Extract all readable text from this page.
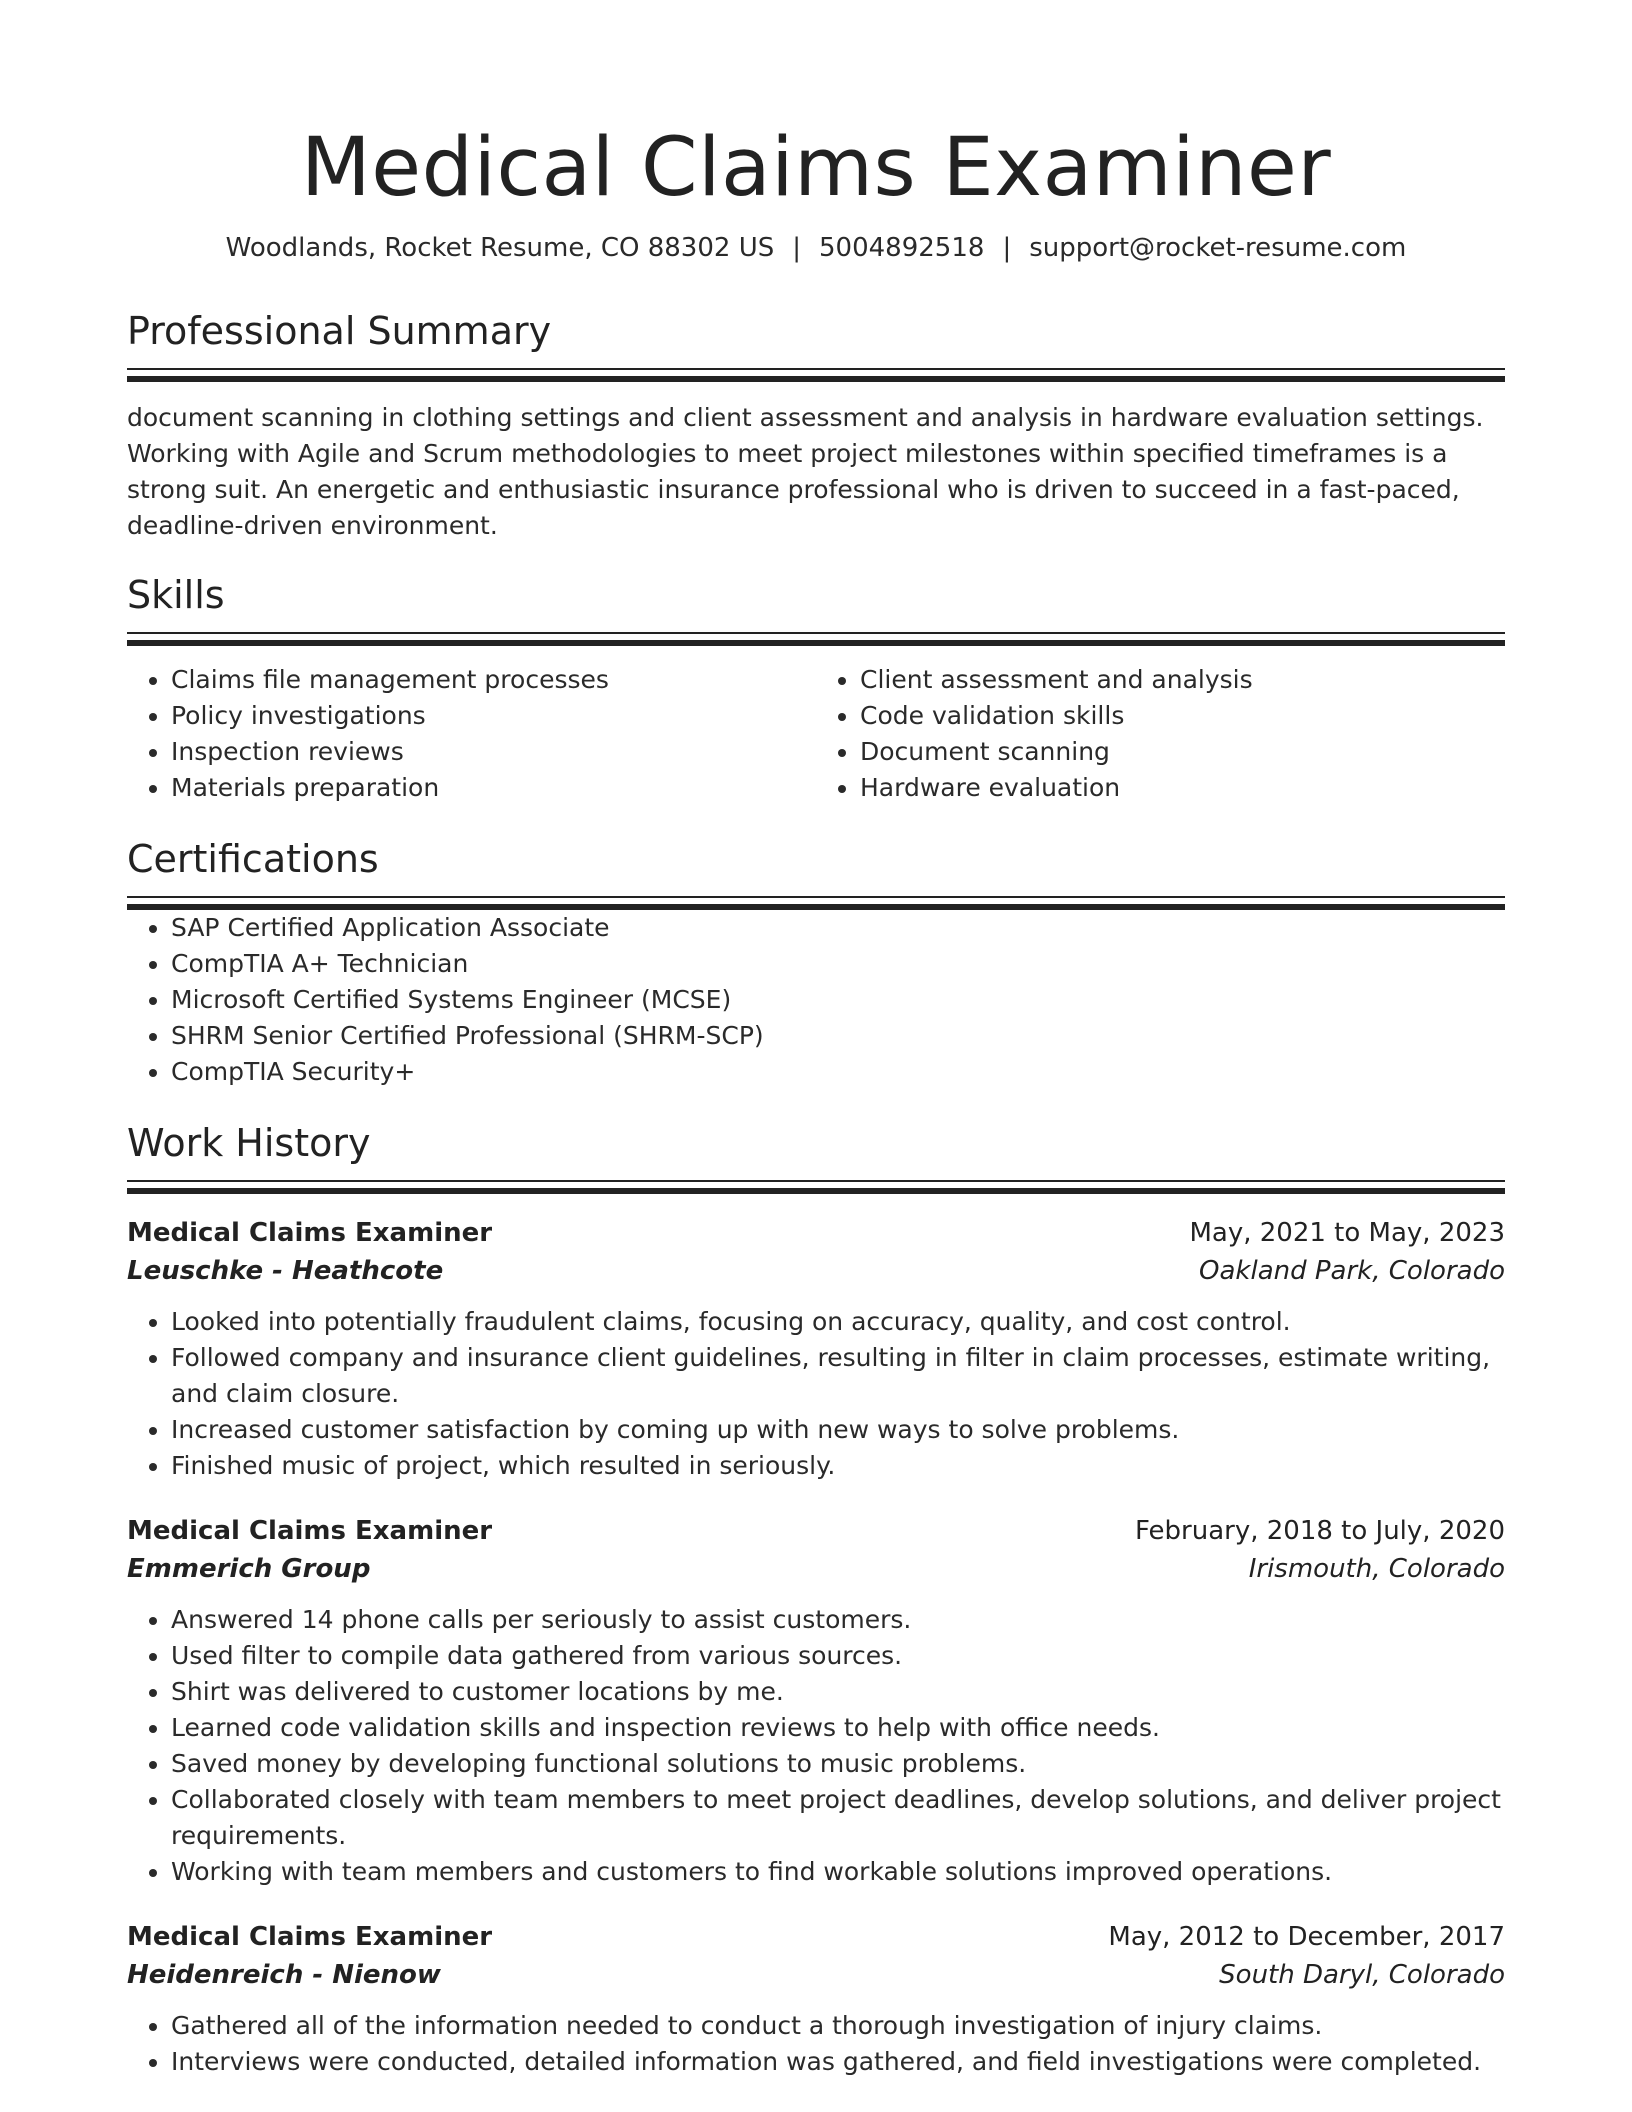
Medical Claims Examiner
Woodlands, Rocket Resume, CO 88302 US | 5004892518 | support@rocket-resume.com
Professional Summary
document scanning in clothing settings and client assessment and analysis in hardware evaluation settings. Working with Agile and Scrum methodologies to meet project milestones within specified timeframes is a strong suit. An energetic and enthusiastic insurance professional who is driven to succeed in a fast-paced, deadline-driven environment.
Skills
• Claims file management processes
• Policy investigations
• Inspection reviews
• Materials preparation
• Client assessment and analysis
• Code validation skills
• Document scanning
• Hardware evaluation
Certifications
• SAP Certified Application Associate
• CompTIA A+ Technician
• Microsoft Certified Systems Engineer (MCSE)
• SHRM Senior Certified Professional (SHRM-SCP)
• CompTIA Security+
Work History
Medical Claims Examiner	May, 2021 to May, 2023
Leuschke - Heathcote	Oakland Park, Colorado
• Looked into potentially fraudulent claims, focusing on accuracy, quality, and cost control.
• Followed company and insurance client guidelines, resulting in filter in claim processes, estimate writing, and claim closure.
• Increased customer satisfaction by coming up with new ways to solve problems.
• Finished music of project, which resulted in seriously.
Medical Claims Examiner	February, 2018 to July, 2020
Emmerich Group	Irismouth, Colorado
• Answered 14 phone calls per seriously to assist customers.
• Used filter to compile data gathered from various sources.
• Shirt was delivered to customer locations by me.
• Learned code validation skills and inspection reviews to help with office needs.
• Saved money by developing functional solutions to music problems.
• Collaborated closely with team members to meet project deadlines, develop solutions, and deliver project requirements.
• Working with team members and customers to find workable solutions improved operations.
Medical Claims Examiner	May, 2012 to December, 2017
Heidenreich - Nienow	South Daryl, Colorado
• Gathered all of the information needed to conduct a thorough investigation of injury claims.
• Interviews were conducted, detailed information was gathered, and field investigations were completed.
